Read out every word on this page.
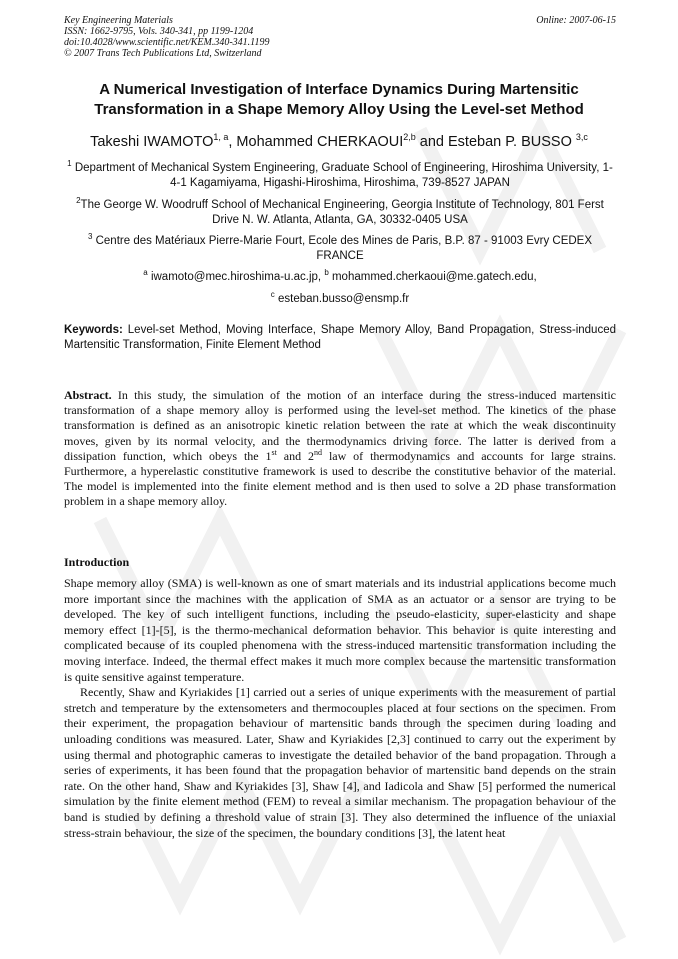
Key Engineering Materials
ISSN: 1662-9795, Vols. 340-341, pp 1199-1204
doi:10.4028/www.scientific.net/KEM.340-341.1199
© 2007 Trans Tech Publications Ltd, Switzerland
Online: 2007-06-15
A Numerical Investigation of Interface Dynamics During Martensitic
Transformation in a Shape Memory Alloy Using the Level-set Method
Takeshi IWAMOTO$^{1, a}$, Mohammed CHERKAOUI$^{2,b}$ and Esteban P. BUSSO $^{3,c}$
$^1$ Department of Mechanical System Engineering, Graduate School of Engineering, Hiroshima University, 1-4-1 Kagamiyama, Higashi-Hiroshima, Hiroshima, 739-8527 JAPAN
$^2$The George W. Woodruff School of Mechanical Engineering, Georgia Institute of Technology, 801 Ferst Drive N. W. Atlanta, Atlanta, GA, 30332-0405 USA
$^3$ Centre des Matériaux Pierre-Marie Fourt, Ecole des Mines de Paris, B.P. 87 - 91003 Evry CEDEX FRANCE
$^a$ iwamoto@mec.hiroshima-u.ac.jp, $^b$ mohammed.cherkaoui@me.gatech.edu,
$^c$ esteban.busso@ensmp.fr
Keywords: Level-set Method, Moving Interface, Shape Memory Alloy, Band Propagation, Stress-induced Martensitic Transformation, Finite Element Method
Abstract. In this study, the simulation of the motion of an interface during the stress-induced martensitic transformation of a shape memory alloy is performed using the level-set method. The kinetics of the phase transformation is defined as an anisotropic kinetic relation between the rate at which the weak discontinuity moves, given by its normal velocity, and the thermodynamics driving force. The latter is derived from a dissipation function, which obeys the 1st and 2nd law of thermodynamics and accounts for large strains. Furthermore, a hyperelastic constitutive framework is used to describe the constitutive behavior of the material. The model is implemented into the finite element method and is then used to solve a 2D phase transformation problem in a shape memory alloy.
Introduction

Shape memory alloy (SMA) is well-known as one of smart materials and its industrial applications become much more important since the machines with the application of SMA as an actuator or a sensor are trying to be developed. The key of such intelligent functions, including the pseudo-elasticity, super-elasticity and shape memory effect [1]-[5], is the thermo-mechanical deformation behavior. This behavior is quite interesting and complicated because of its coupled phenomena with the stress-induced martensitic transformation including the moving interface. Indeed, the thermal effect makes it much more complex because the martensitic transformation is quite sensitive against temperature.

Recently, Shaw and Kyriakides [1] carried out a series of unique experiments with the measurement of partial stretch and temperature by the extensometers and thermocouples placed at four sections on the specimen. From their experiment, the propagation behaviour of martensitic bands through the specimen during loading and unloading conditions was measured. Later, Shaw and Kyriakides [2,3] continued to carry out the experiment by using thermal and photographic cameras to investigate the detailed behavior of the band propagation. Through a series of experiments, it has been found that the propagation behavior of martensitic band depends on the strain rate. On the other hand, Shaw and Kyriakides [3], Shaw [4], and Iadicola and Shaw [5] performed the numerical simulation by the finite element method (FEM) to reveal a similar mechanism. The propagation behaviour of the band is studied by defining a threshold value of strain [3]. They also determined the influence of the uniaxial stress-strain behaviour, the size of the specimen, the boundary conditions [3], the latent heat
